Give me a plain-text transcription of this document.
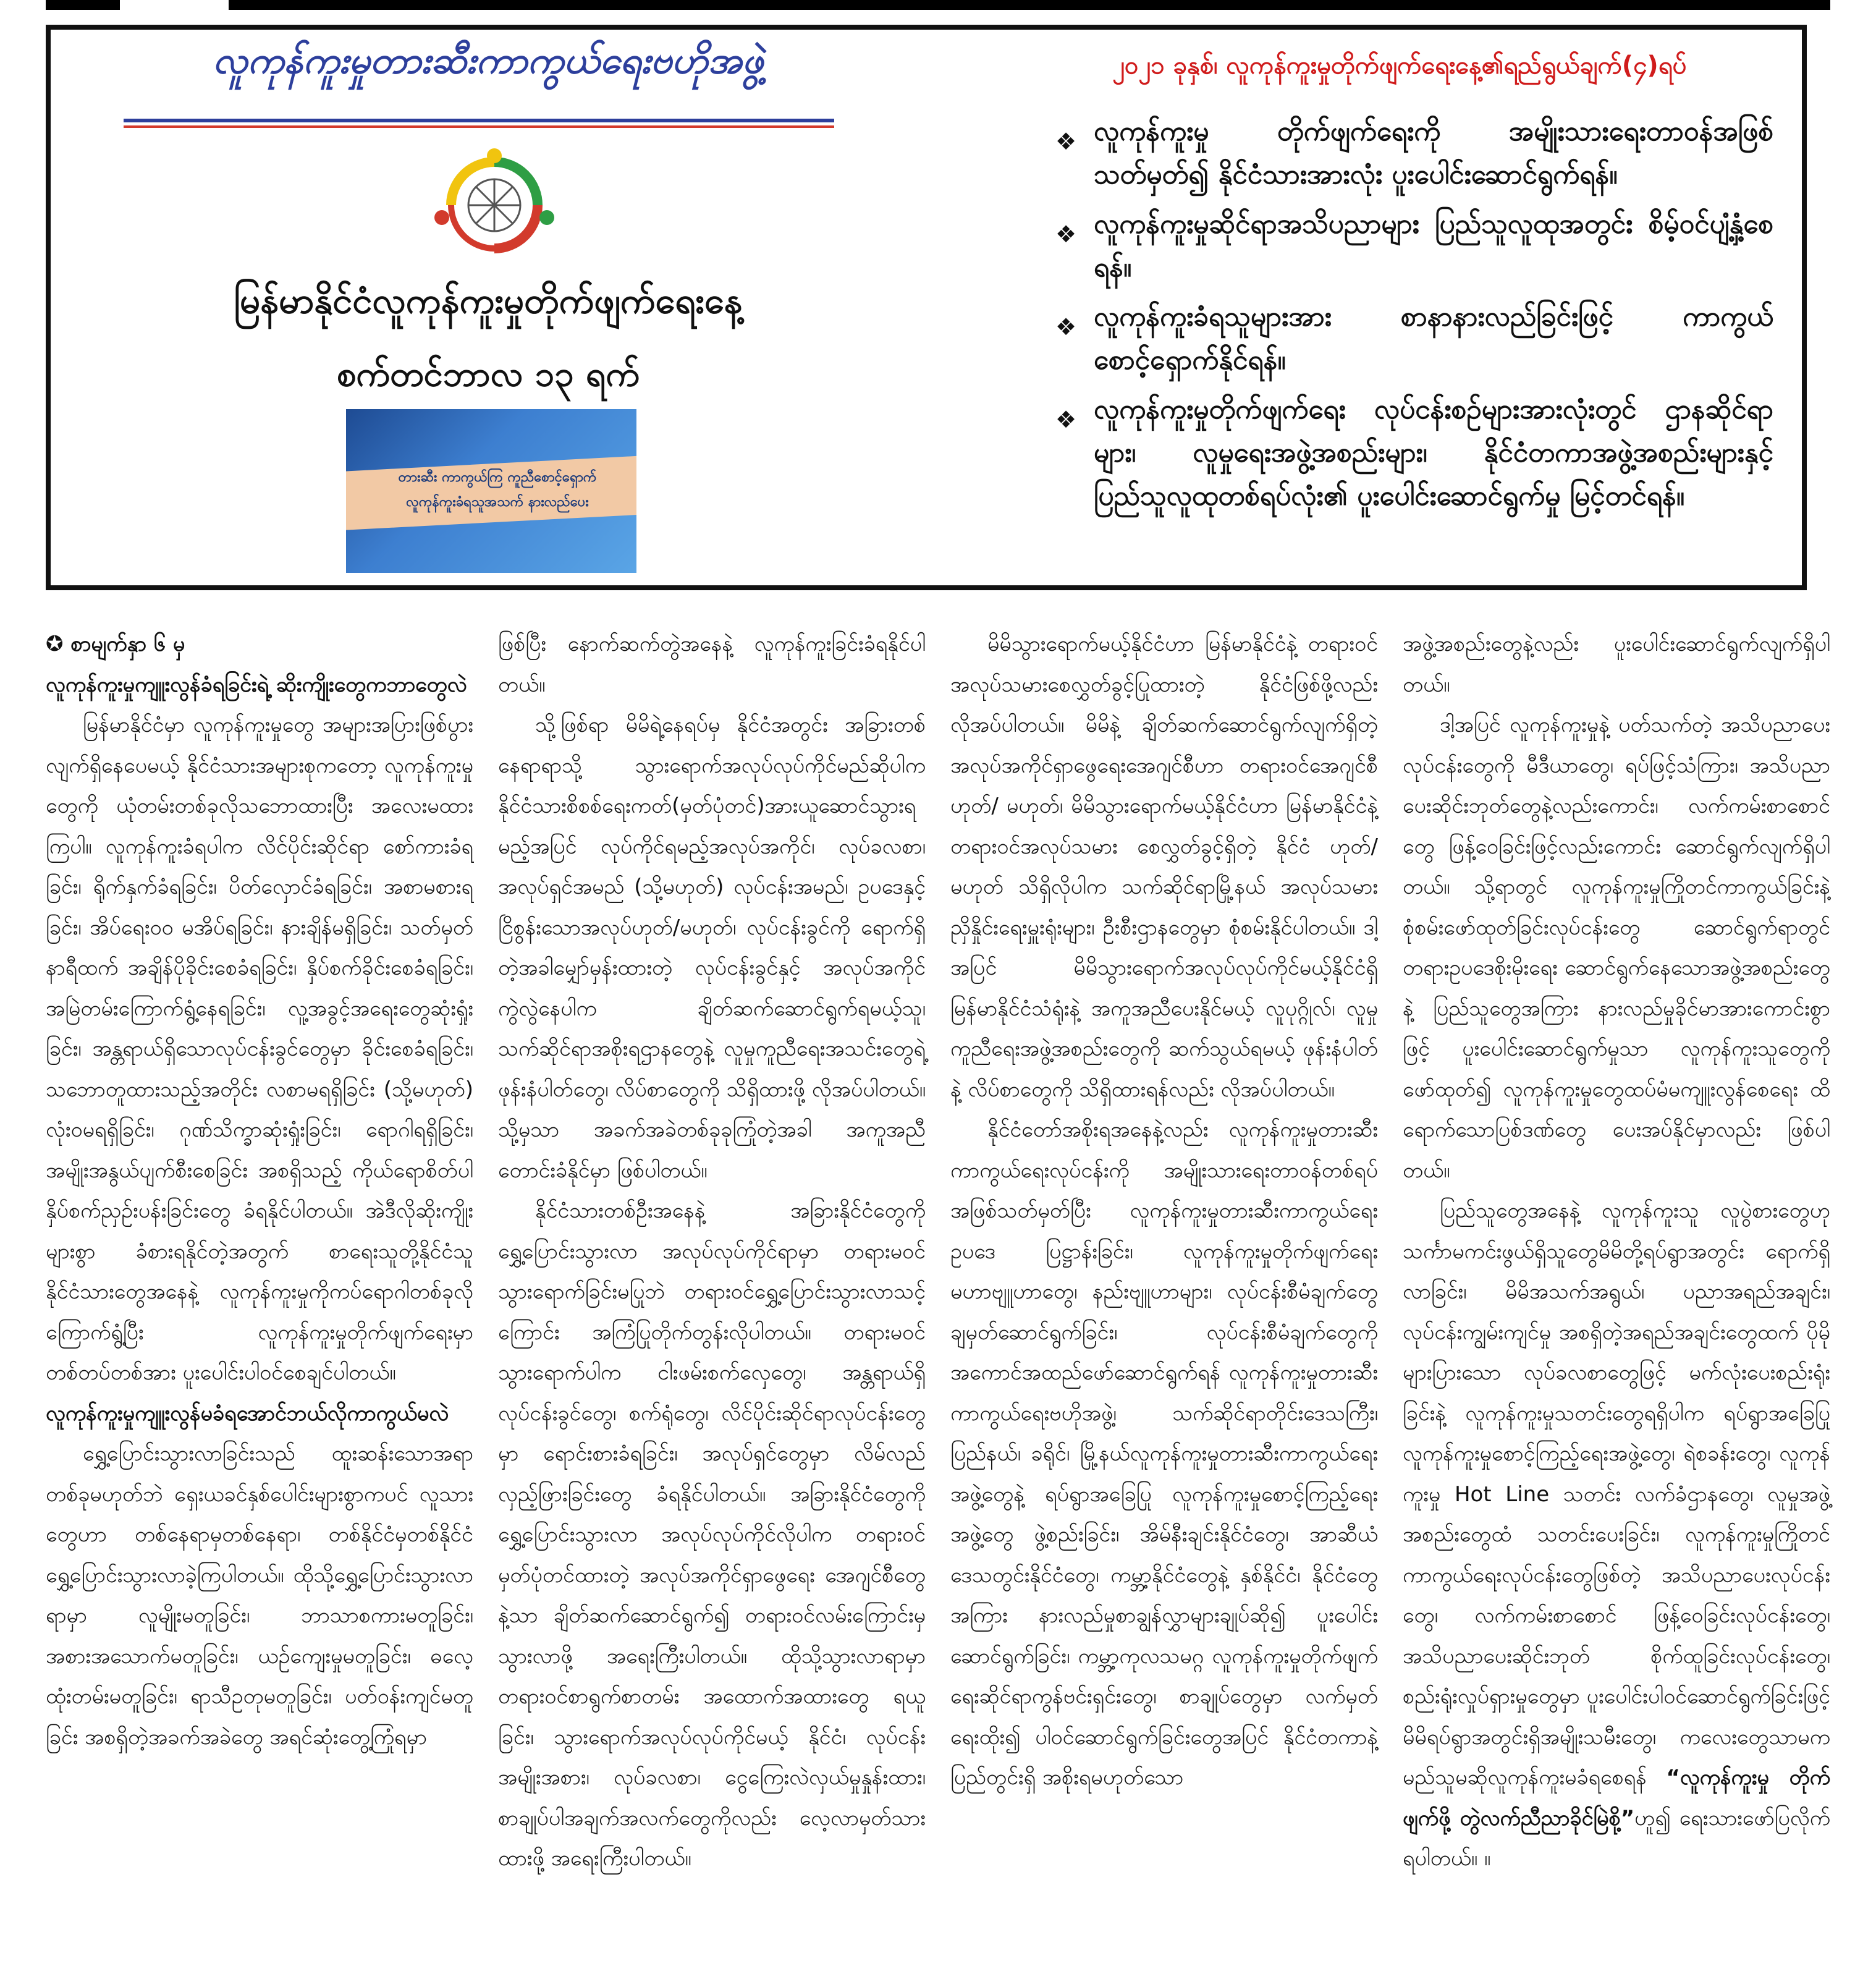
လူကုန်ကူးမှုတားဆီးကာကွယ်ရေးဗဟိုအဖွဲ့
မြန်မာနိုင်ငံလူကုန်ကူးမှုတိုက်ဖျက်ရေးနေ့
စက်တင်ဘာလ ၁၃ ရက်
တားဆီး ကာကွယ်ကြ ကူညီစောင့်ရှောက်
လူကုန်ကူးခံရသူအသက် နားလည်ပေး
၂၀၂၁ ခုနှစ်၊ လူကုန်ကူးမှုတိုက်ဖျက်ရေးနေ့၏ရည်ရွယ်ချက်(၄)ရပ်
❖ လူကုန်ကူးမှု တိုက်ဖျက်ရေးကို အမျိုးသားရေးတာဝန်အဖြစ် သတ်မှတ်၍ နိုင်ငံသားအားလုံး ပူးပေါင်းဆောင်ရွက်ရန်။
❖ လူကုန်ကူးမှုဆိုင်ရာအသိပညာများ ပြည်သူလူထုအတွင်း စိမ့်ဝင်ပျံ့နှံ့စေရန်။
❖ လူကုန်ကူးခံရသူများအား စာနာနားလည်ခြင်းဖြင့် ကာကွယ်စောင့်ရှောက်နိုင်ရန်။
❖ လူကုန်ကူးမှုတိုက်ဖျက်ရေး လုပ်ငန်းစဉ်များအားလုံးတွင် ဌာနဆိုင်ရာများ၊ လူမှုရေးအဖွဲ့အစည်းများ၊ နိုင်ငံတကာအဖွဲ့အစည်းများနှင့် ပြည်သူလူထုတစ်ရပ်လုံး၏ ပူးပေါင်းဆောင်ရွက်မှု မြင့်တင်ရန်။

✪ စာမျက်နှာ ၆ မှ

လူကုန်ကူးမှုကျူးလွန်ခံရခြင်းရဲ့ ဆိုးကျိုးတွေကဘာတွေလဲ

မြန်မာနိုင်ငံမှာ လူကုန်ကူးမှုတွေ အများအပြားဖြစ်ပွားလျက်ရှိနေပေမယ့် နိုင်ငံသားအများစုကတော့ လူကုန်ကူးမှုတွေကို ယုံတမ်းတစ်ခုလိုသဘောထားပြီး အလေးမထားကြပါ။ လူကုန်ကူးခံရပါက လိင်ပိုင်းဆိုင်ရာ စော်ကားခံရခြင်း၊ ရိုက်နှက်ခံရခြင်း၊ ပိတ်လှောင်ခံရခြင်း၊ အစာမစားရခြင်း၊ အိပ်ရေးဝဝ မအိပ်ရခြင်း၊ နားချိန်မရှိခြင်း၊ သတ်မှတ်နာရီထက် အချိန်ပိုခိုင်းစေခံရခြင်း၊ နှိပ်စက်ခိုင်းစေခံရခြင်း၊ အမြဲတမ်းကြောက်ရွံ့နေရခြင်း၊ လူ့အခွင့်အရေးတွေဆုံးရှုံးခြင်း၊ အန္တရာယ်ရှိသောလုပ်ငန်းခွင်တွေမှာ ခိုင်းစေခံရခြင်း၊ သဘောတူထားသည့်အတိုင်း လစာမရရှိခြင်း (သို့မဟုတ်) လုံးဝမရရှိခြင်း၊ ဂုဏ်သိက္ခာဆုံးရှုံးခြင်း၊ ရောဂါရရှိခြင်း၊ အမျိုးအနွယ်ပျက်စီးစေခြင်း အစရှိသည့် ကိုယ်ရောစိတ်ပါ နှိပ်စက်ညှဉ်းပန်းခြင်းတွေ ခံရနိုင်ပါတယ်။ အဲဒီလိုဆိုးကျိုးများစွာ ခံစားရနိုင်တဲ့အတွက် စာရေးသူတို့နိုင်ငံသူ နိုင်ငံသားတွေအနေနဲ့ လူကုန်ကူးမှုကိုကပ်ရောဂါတစ်ခုလို ကြောက်ရွံ့ပြီး လူကုန်ကူးမှုတိုက်ဖျက်ရေးမှာ တစ်တပ်တစ်အား ပူးပေါင်းပါဝင်စေချင်ပါတယ်။

လူကုန်ကူးမှုကျူးလွန်မခံရအောင်ဘယ်လိုကာကွယ်မလဲ

ရွှေ့ပြောင်းသွားလာခြင်းသည် ထူးဆန်းသောအရာတစ်ခုမဟုတ်ဘဲ ရှေးယခင်နှစ်ပေါင်းများစွာကပင် လူသားတွေဟာ တစ်နေရာမှတစ်နေရာ၊ တစ်နိုင်ငံမှတစ်နိုင်ငံ ရွှေ့ပြောင်းသွားလာခဲ့ကြပါတယ်။ ထိုသို့ရွှေ့ပြောင်းသွားလာရာမှာ လူမျိုးမတူခြင်း၊ ဘာသာစကားမတူခြင်း၊ အစားအသောက်မတူခြင်း၊ ယဉ်ကျေးမှုမတူခြင်း၊ ဓလေ့ထုံးတမ်းမတူခြင်း၊ ရာသီဥတုမတူခြင်း၊ ပတ်ဝန်းကျင်မတူခြင်း အစရှိတဲ့အခက်အခဲတွေ အရင်ဆုံးတွေ့ကြုံရမှာ

ဖြစ်ပြီး နောက်ဆက်တွဲအနေနဲ့ လူကုန်ကူးခြင်းခံရနိုင်ပါတယ်။

သို့ဖြစ်ရာ မိမိရဲ့နေရပ်မှ နိုင်ငံအတွင်း အခြားတစ်နေရာရာသို့ သွားရောက်အလုပ်လုပ်ကိုင်မည်ဆိုပါက နိုင်ငံသားစိစစ်ရေးကတ်(မှတ်ပုံတင်)အားယူဆောင်သွားရမည့်အပြင် လုပ်ကိုင်ရမည့်အလုပ်အကိုင်၊ လုပ်ခလစာ၊ အလုပ်ရှင်အမည် (သို့မဟုတ်) လုပ်ငန်းအမည်၊ ဥပဒေနှင့် ငြိစွန်းသောအလုပ်ဟုတ်/မဟုတ်၊ လုပ်ငန်းခွင်ကို ရောက်ရှိတဲ့အခါမျှော်မှန်းထားတဲ့ လုပ်ငန်းခွင်နှင့် အလုပ်အကိုင်ကွဲလွဲနေပါက ချိတ်ဆက်ဆောင်ရွက်ရမယ့်သူ၊ သက်ဆိုင်ရာအစိုးရဌာနတွေနဲ့ လူမှုကူညီရေးအသင်းတွေရဲ့ ဖုန်းနံပါတ်တွေ၊ လိပ်စာတွေကို သိရှိထားဖို့ လိုအပ်ပါတယ်။ သို့မှသာ အခက်အခဲတစ်ခုခုကြုံတဲ့အခါ အကူအညီတောင်းခံနိုင်မှာ ဖြစ်ပါတယ်။

နိုင်ငံသားတစ်ဦးအနေနဲ့ အခြားနိုင်ငံတွေကို ရွှေ့ပြောင်းသွားလာ အလုပ်လုပ်ကိုင်ရာမှာ တရားမဝင်သွားရောက်ခြင်းမပြုဘဲ တရားဝင်ရွှေ့ပြောင်းသွားလာသင့်ကြောင်း အကြံပြုတိုက်တွန်းလိုပါတယ်။ တရားမဝင်သွားရောက်ပါက ငါးဖမ်းစက်လှေတွေ၊ အန္တရာယ်ရှိလုပ်ငန်းခွင်တွေ၊ စက်ရုံတွေ၊ လိင်ပိုင်းဆိုင်ရာလုပ်ငန်းတွေမှာ ရောင်းစားခံရခြင်း၊ အလုပ်ရှင်တွေမှာ လိမ်လည်လှည့်ဖြားခြင်းတွေ ခံရနိုင်ပါတယ်။ အခြားနိုင်ငံတွေကို ရွှေ့ပြောင်းသွားလာ အလုပ်လုပ်ကိုင်လိုပါက တရားဝင်မှတ်ပုံတင်ထားတဲ့ အလုပ်အကိုင်ရှာဖွေရေး အေဂျင်စီတွေနဲ့သာ ချိတ်ဆက်ဆောင်ရွက်၍ တရားဝင်လမ်းကြောင်းမှ သွားလာဖို့ အရေးကြီးပါတယ်။ ထိုသို့သွားလာရာမှာ တရားဝင်စာရွက်စာတမ်း အထောက်အထားတွေ ရယူခြင်း၊ သွားရောက်အလုပ်လုပ်ကိုင်မယ့် နိုင်ငံ၊ လုပ်ငန်းအမျိုးအစား၊ လုပ်ခလစာ၊ ငွေကြေးလဲလှယ်မှုနှုန်းထား၊ စာချုပ်ပါအချက်အလက်တွေကိုလည်း လေ့လာမှတ်သားထားဖို့ အရေးကြီးပါတယ်။

မိမိသွားရောက်မယ့်နိုင်ငံဟာ မြန်မာနိုင်ငံနဲ့ တရားဝင် အလုပ်သမားစေလွှတ်ခွင့်ပြုထားတဲ့ နိုင်ငံဖြစ်ဖို့လည်း လိုအပ်ပါတယ်။ မိမိနဲ့ ချိတ်ဆက်ဆောင်ရွက်လျက်ရှိတဲ့ အလုပ်အကိုင်ရှာဖွေရေးအေဂျင်စီဟာ တရားဝင်အေဂျင်စီ ဟုတ်/ မဟုတ်၊ မိမိသွားရောက်မယ့်နိုင်ငံဟာ မြန်မာနိုင်ငံနဲ့ တရားဝင်အလုပ်သမား စေလွှတ်ခွင့်ရှိတဲ့ နိုင်ငံ ဟုတ်/မဟုတ် သိရှိလိုပါက သက်ဆိုင်ရာမြို့နယ် အလုပ်သမားညှိနှိုင်းရေးမှူးရုံးများ၊ ဦးစီးဌာနတွေမှာ စုံစမ်းနိုင်ပါတယ်။ ဒါ့အပြင် မိမိသွားရောက်အလုပ်လုပ်ကိုင်မယ့်နိုင်ငံရှိ မြန်မာနိုင်ငံသံရုံးနဲ့ အကူအညီပေးနိုင်မယ့် လူပုဂ္ဂိုလ်၊ လူမှုကူညီရေးအဖွဲ့အစည်းတွေကို ဆက်သွယ်ရမယ့် ဖုန်းနံပါတ်နဲ့ လိပ်စာတွေကို သိရှိထားရန်လည်း လိုအပ်ပါတယ်။

နိုင်ငံတော်အစိုးရအနေနဲ့လည်း လူကုန်ကူးမှုတားဆီးကာကွယ်ရေးလုပ်ငန်းကို အမျိုးသားရေးတာဝန်တစ်ရပ်အဖြစ်သတ်မှတ်ပြီး လူကုန်ကူးမှုတားဆီးကာကွယ်ရေးဥပဒေ ပြဋ္ဌာန်းခြင်း၊ လူကုန်ကူးမှုတိုက်ဖျက်ရေးမဟာဗျူဟာတွေ၊ နည်းဗျူဟာများ၊ လုပ်ငန်းစီမံချက်တွေချမှတ်ဆောင်ရွက်ခြင်း၊ လုပ်ငန်းစီမံချက်တွေကို အကောင်အထည်ဖော်ဆောင်ရွက်ရန် လူကုန်ကူးမှုတားဆီးကာကွယ်ရေးဗဟိုအဖွဲ့၊ သက်ဆိုင်ရာတိုင်းဒေသကြီး၊ ပြည်နယ်၊ ခရိုင်၊ မြို့နယ်လူကုန်ကူးမှုတားဆီးကာကွယ်ရေးအဖွဲ့တွေနဲ့ ရပ်ရွာအခြေပြု လူကုန်ကူးမှုစောင့်ကြည့်ရေးအဖွဲ့တွေ ဖွဲ့စည်းခြင်း၊ အိမ်နီးချင်းနိုင်ငံတွေ၊ အာဆီယံဒေသတွင်းနိုင်ငံတွေ၊ ကမ္ဘာ့နိုင်ငံတွေနဲ့ နှစ်နိုင်ငံ၊ နိုင်ငံတွေအကြား နားလည်မှုစာချွန်လွှာများချုပ်ဆို၍ ပူးပေါင်းဆောင်ရွက်ခြင်း၊ ကမ္ဘာ့ကုလသမဂ္ဂ လူကုန်ကူးမှုတိုက်ဖျက်ရေးဆိုင်ရာကွန်ဗင်းရှင်းတွေ၊ စာချုပ်တွေမှာ လက်မှတ်ရေးထိုး၍ ပါဝင်ဆောင်ရွက်ခြင်းတွေအပြင် နိုင်ငံတကာနဲ့ ပြည်တွင်းရှိ အစိုးရမဟုတ်သော

အဖွဲ့အစည်းတွေနဲ့လည်း ပူးပေါင်းဆောင်ရွက်လျက်ရှိပါတယ်။

ဒါ့အပြင် လူကုန်ကူးမှုနဲ့ ပတ်သက်တဲ့ အသိပညာပေးလုပ်ငန်းတွေကို မီဒီယာတွေ၊ ရပ်ဖြင့်သံကြား၊ အသိပညာပေးဆိုင်းဘုတ်တွေနဲ့လည်းကောင်း၊ လက်ကမ်းစာစောင်တွေ ဖြန့်ဝေခြင်းဖြင့်လည်းကောင်း ဆောင်ရွက်လျက်ရှိပါတယ်။ သို့ရာတွင် လူကုန်ကူးမှုကြိုတင်ကာကွယ်ခြင်းနဲ့ စုံစမ်းဖော်ထုတ်ခြင်းလုပ်ငန်းတွေ ဆောင်ရွက်ရာတွင် တရားဥပဒေစိုးမိုးရေး ဆောင်ရွက်နေသောအဖွဲ့အစည်းတွေနဲ့ ပြည်သူတွေအကြား နားလည်မှုခိုင်မာအားကောင်းစွာဖြင့် ပူးပေါင်းဆောင်ရွက်မှုသာ လူကုန်ကူးသူတွေကို ဖော်ထုတ်၍ လူကုန်ကူးမှုတွေထပ်မံမကျူးလွန်စေရေး ထိရောက်သောပြစ်ဒဏ်တွေ ပေးအပ်နိုင်မှာလည်း ဖြစ်ပါတယ်။

ပြည်သူတွေအနေနဲ့ လူကုန်ကူးသူ လူပွဲစားတွေဟု သင်္ကာမကင်းဖွယ်ရှိသူတွေမိမိတို့ရပ်ရွာအတွင်း ရောက်ရှိလာခြင်း၊ မိမိအသက်အရွယ်၊ ပညာအရည်အချင်း၊ လုပ်ငန်းကျွမ်းကျင်မှု အစရှိတဲ့အရည်အချင်းတွေထက် ပိုမိုများပြားသော လုပ်ခလစာတွေဖြင့် မက်လုံးပေးစည်းရုံးခြင်းနဲ့ လူကုန်ကူးမှုသတင်းတွေရရှိပါက ရပ်ရွာအခြေပြု လူကုန်ကူးမှုစောင့်ကြည့်ရေးအဖွဲ့တွေ၊ ရဲစခန်းတွေ၊ လူကုန်ကူးမှု Hot Line သတင်း လက်ခံဌာနတွေ၊ လူမှုအဖွဲ့အစည်းတွေထံ သတင်းပေးခြင်း၊ လူကုန်ကူးမှုကြိုတင်ကာကွယ်ရေးလုပ်ငန်းတွေဖြစ်တဲ့ အသိပညာပေးလုပ်ငန်းတွေ၊ လက်ကမ်းစာစောင် ဖြန့်ဝေခြင်းလုပ်ငန်းတွေ၊ အသိပညာပေးဆိုင်းဘုတ် စိုက်ထူခြင်းလုပ်ငန်းတွေ၊ စည်းရုံးလှုပ်ရှားမှုတွေမှာ ပူးပေါင်းပါဝင်ဆောင်ရွက်ခြင်းဖြင့် မိမိရပ်ရွာအတွင်းရှိအမျိုးသမီးတွေ၊ ကလေးတွေသာမက မည်သူမဆိုလူကုန်ကူးမခံရစေရန် “လူကုန်ကူးမှု တိုက်ဖျက်ဖို့ တွဲလက်ညီညာခိုင်မြဲစို့”ဟူ၍ ရေးသားဖော်ပြလိုက်ရပါတယ်။ ။
